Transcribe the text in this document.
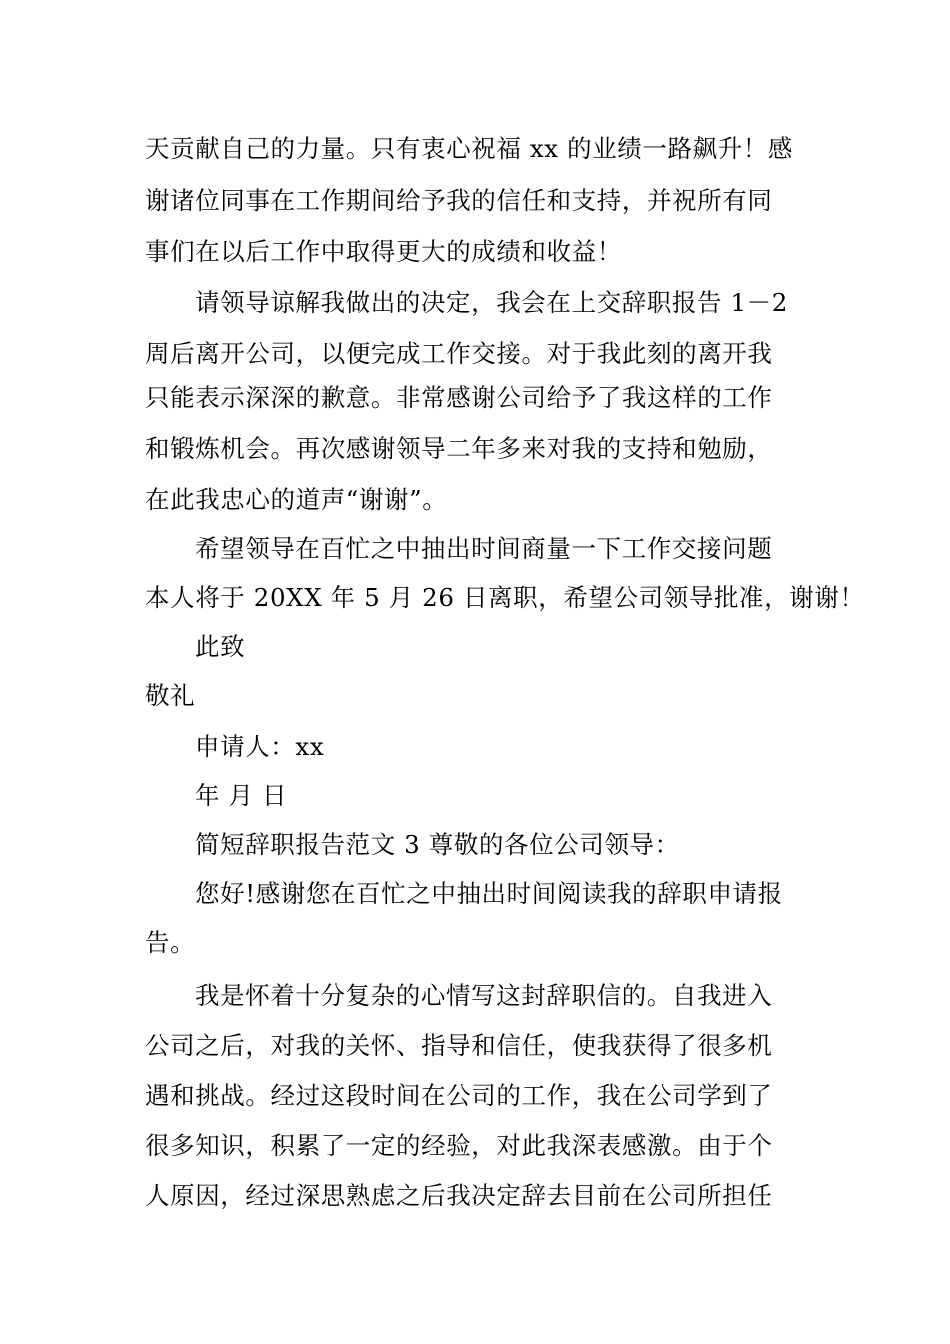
天贡献自己的力量。只有衷心祝福 xx 的业绩一路飙升！感
谢诸位同事在工作期间给予我的信任和支持，并祝所有同
事们在以后工作中取得更大的成绩和收益！
请领导谅解我做出的决定，我会在上交辞职报告 1－2
周后离开公司，以便完成工作交接。对于我此刻的离开我
只能表示深深的歉意。非常感谢公司给予了我这样的工作
和锻炼机会。再次感谢领导二年多来对我的支持和勉励，
在此我忠心的道声“谢谢”。
希望领导在百忙之中抽出时间商量一下工作交接问题
本人将于 20XX 年 5 月 26 日离职，希望公司领导批准，谢谢！
此致
敬礼
申请人：xx
年 月 日
简短辞职报告范文 3 尊敬的各位公司领导：
您好!感谢您在百忙之中抽出时间阅读我的辞职申请报
告。
我是怀着十分复杂的心情写这封辞职信的。自我进入
公司之后，对我的关怀、指导和信任，使我获得了很多机
遇和挑战。经过这段时间在公司的工作，我在公司学到了
很多知识，积累了一定的经验，对此我深表感激。由于个
人原因，经过深思熟虑之后我决定辞去目前在公司所担任
